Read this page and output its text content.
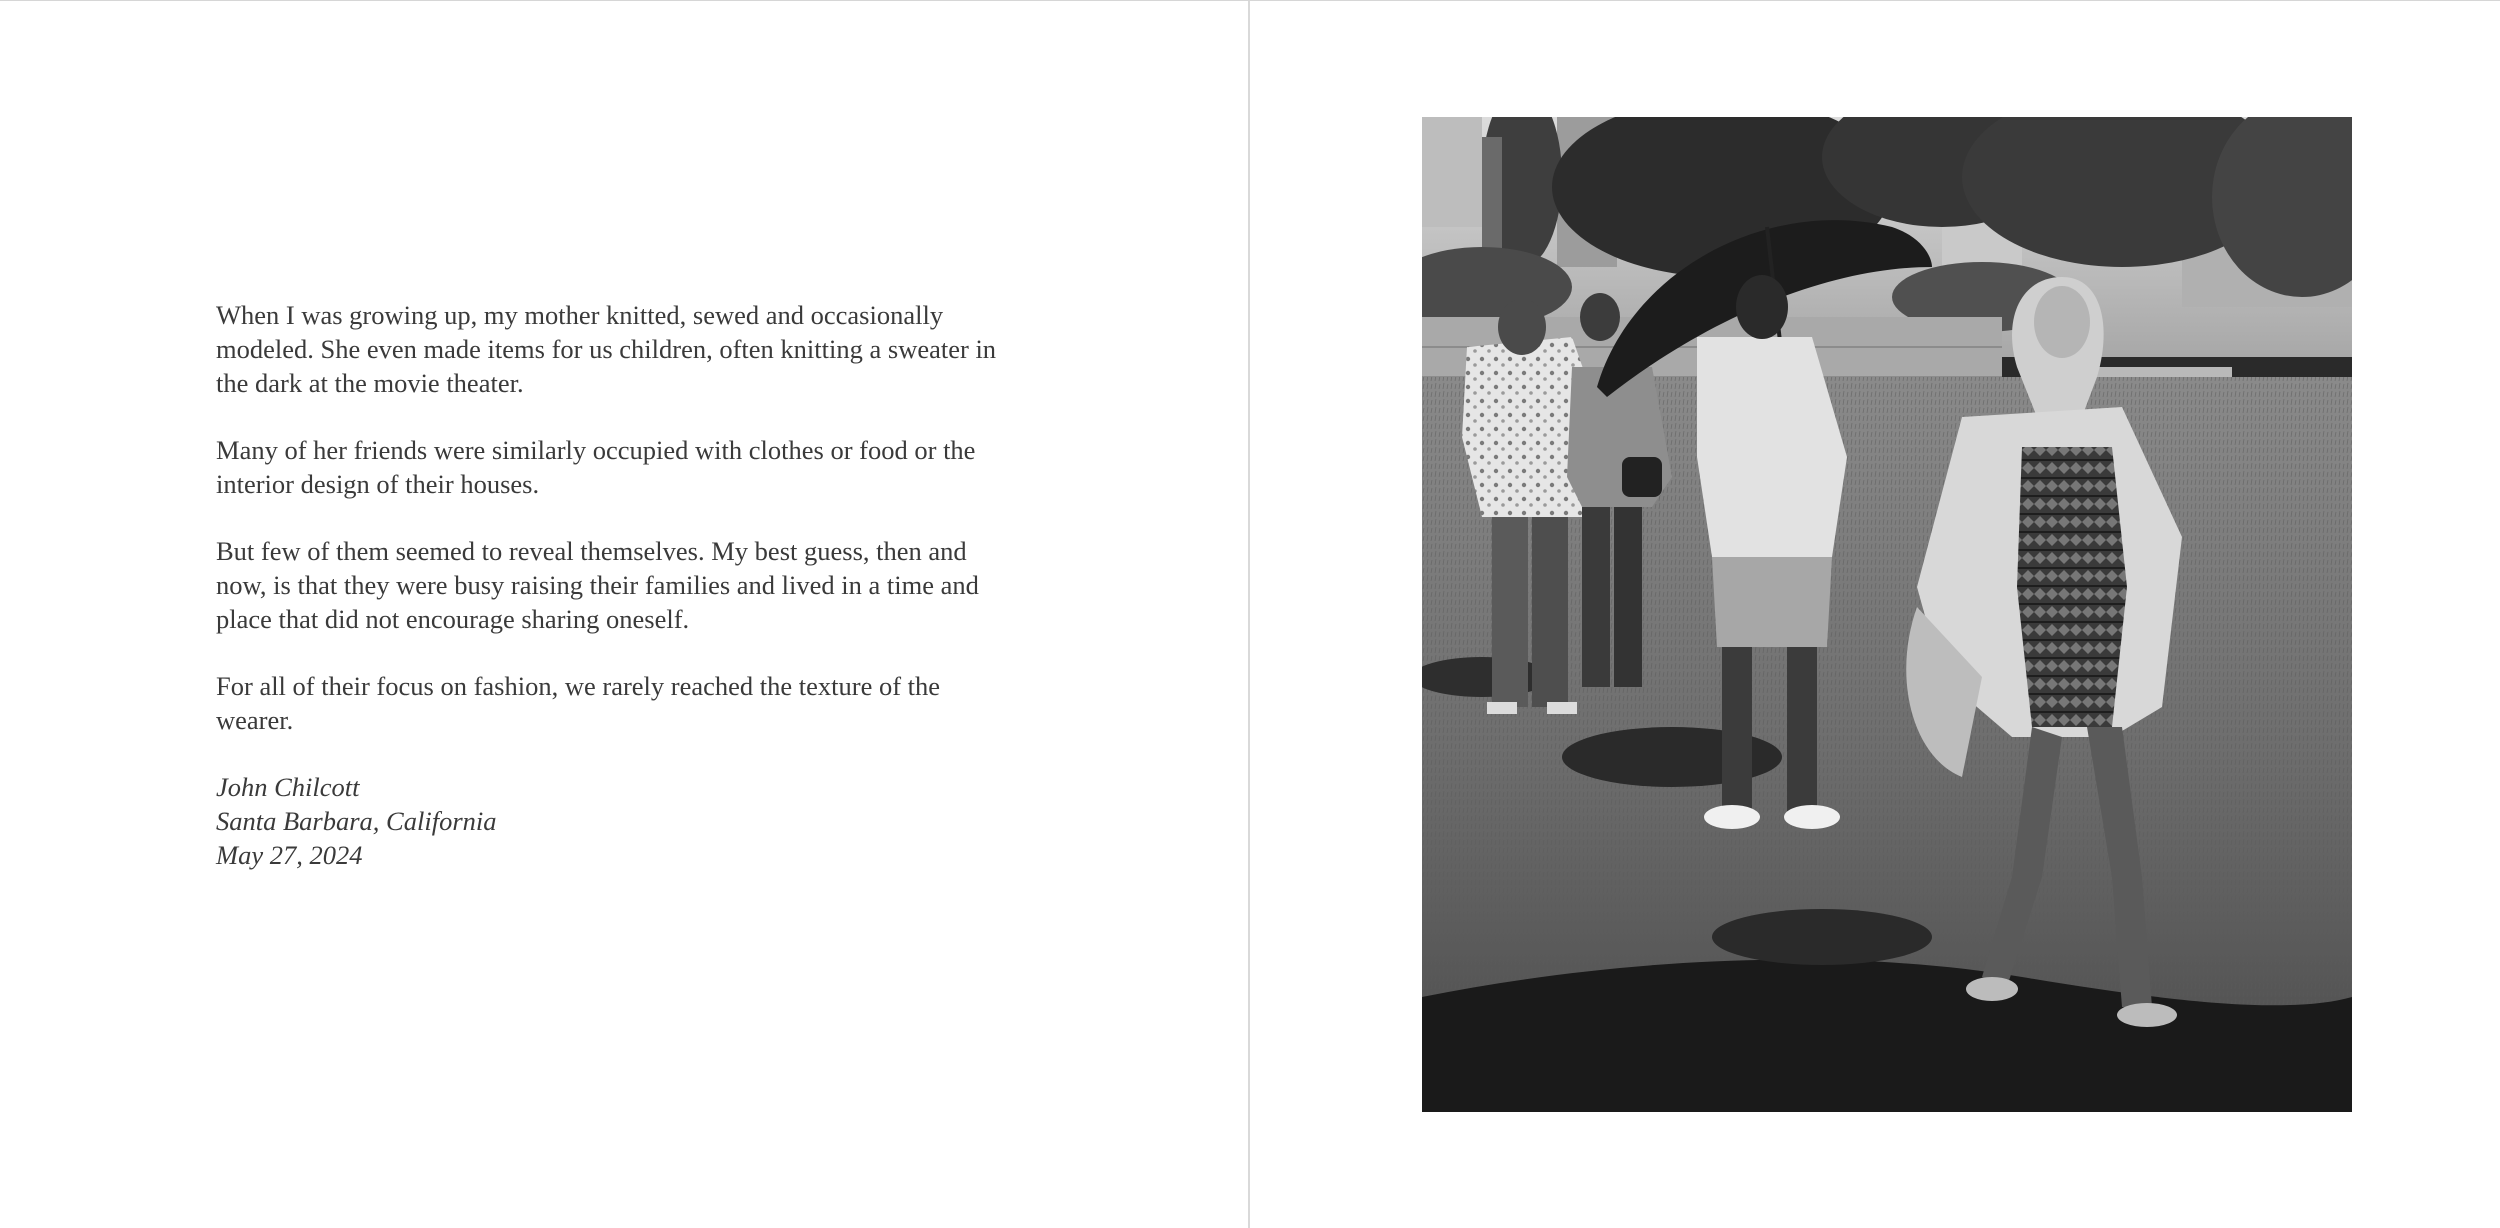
When I was growing up, my mother knitted, sewed and occasionally modeled. She even made items for us children, often knitting a sweater in the dark at the movie theater.

Many of her friends were similarly occupied with clothes or food or the interior design of their houses.

But few of them seemed to reveal themselves. My best guess, then and now, is that they were busy raising their families and lived in a time and place that did not encourage sharing oneself.

For all of their focus on fashion, we rarely reached the texture of the wearer.

John Chilcott
Santa Barbara, California
May 27, 2024
